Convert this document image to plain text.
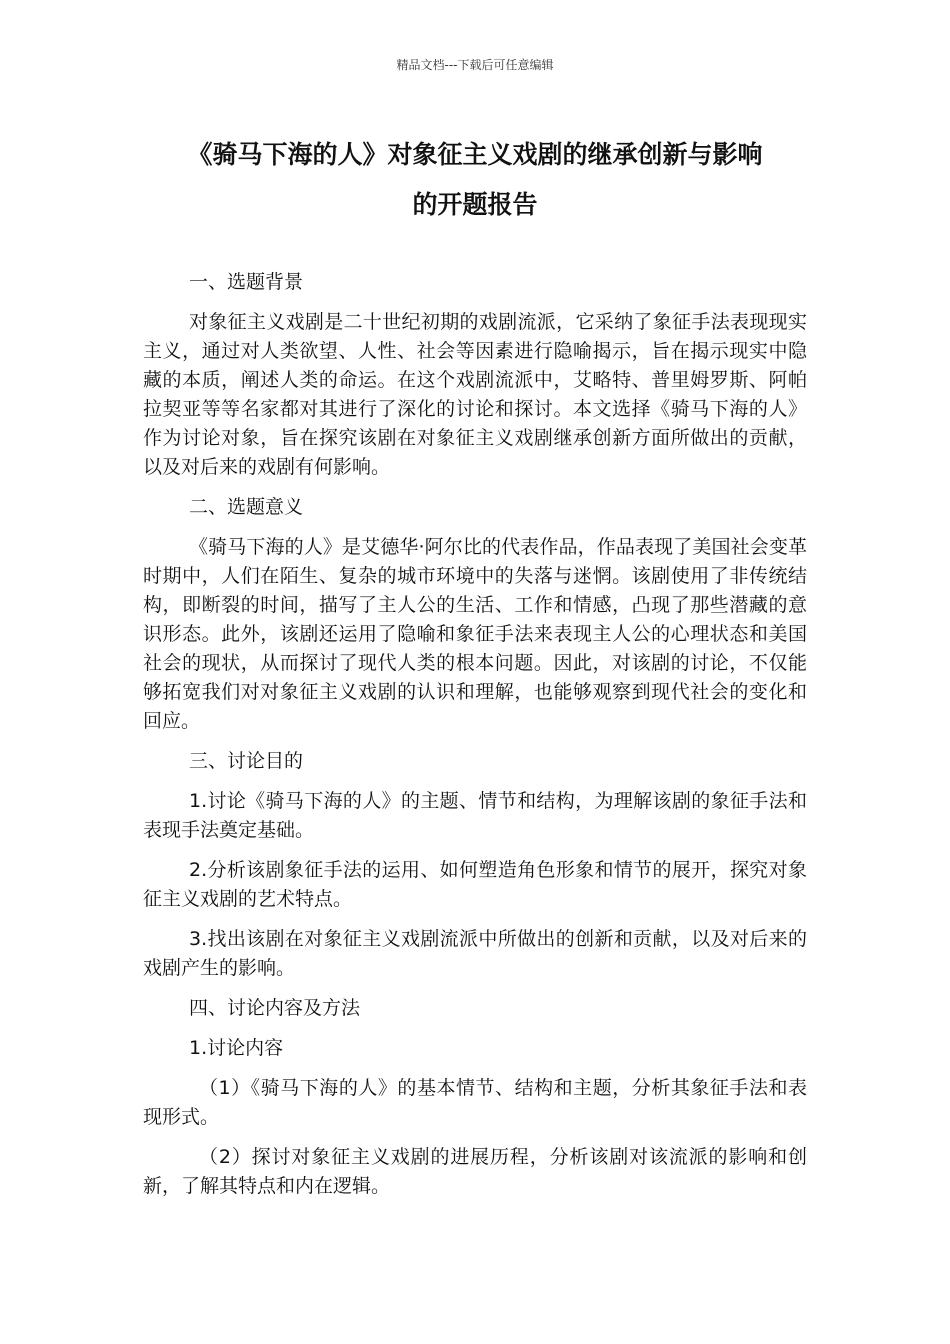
精品文档---下载后可任意编辑
《骑马下海的人》对象征主义戏剧的继承创新与影响
的开题报告

一、选题背景

对象征主义戏剧是二十世纪初期的戏剧流派，它采纳了象征手法表现现实主义，通过对人类欲望、人性、社会等因素进行隐喻揭示，旨在揭示现实中隐藏的本质，阐述人类的命运。在这个戏剧流派中，艾略特、普里姆罗斯、阿帕拉契亚等等名家都对其进行了深化的讨论和探讨。本文选择《骑马下海的人》作为讨论对象，旨在探究该剧在对象征主义戏剧继承创新方面所做出的贡献，以及对后来的戏剧有何影响。

二、选题意义

《骑马下海的人》是艾德华·阿尔比的代表作品，作品表现了美国社会变革时期中，人们在陌生、复杂的城市环境中的失落与迷惘。该剧使用了非传统结构，即断裂的时间，描写了主人公的生活、工作和情感，凸现了那些潜藏的意识形态。此外，该剧还运用了隐喻和象征手法来表现主人公的心理状态和美国社会的现状，从而探讨了现代人类的根本问题。因此，对该剧的讨论，不仅能够拓宽我们对对象征主义戏剧的认识和理解，也能够观察到现代社会的变化和回应。

三、讨论目的

1.讨论《骑马下海的人》的主题、情节和结构，为理解该剧的象征手法和表现手法奠定基础。

2.分析该剧象征手法的运用、如何塑造角色形象和情节的展开，探究对象征主义戏剧的艺术特点。

3.找出该剧在对象征主义戏剧流派中所做出的创新和贡献，以及对后来的戏剧产生的影响。

四、讨论内容及方法

1.讨论内容

（1）《骑马下海的人》的基本情节、结构和主题，分析其象征手法和表现形式。

（2）探讨对象征主义戏剧的进展历程，分析该剧对该流派的影响和创新，了解其特点和内在逻辑。
